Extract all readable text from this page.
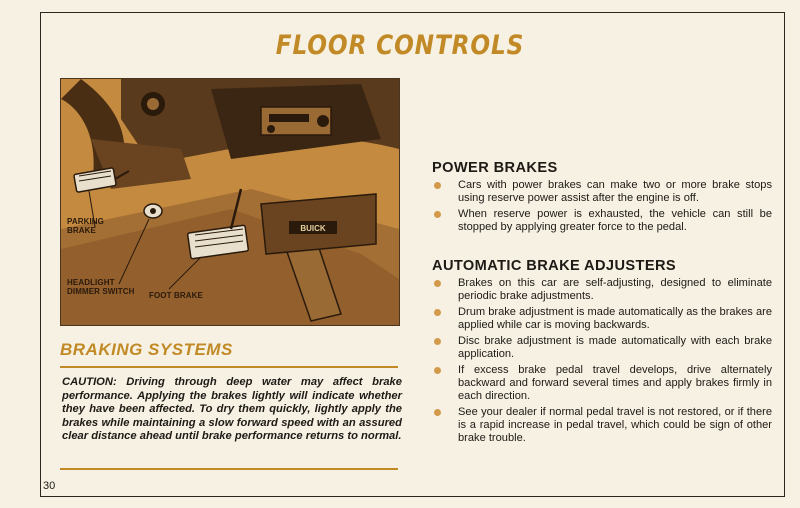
FLOOR CONTROLS
BUICK
PARKING BRAKE
HEADLIGHT DIMMER SWITCH	FOOT BRAKE
BRAKING SYSTEMS

CAUTION: Driving through deep water may affect brake performance. Applying the brakes lightly will indicate whether they have been affected. To dry them quickly, lightly apply the brakes while maintaining a slow forward speed with an assured clear distance ahead until brake performance returns to normal.

30
POWER BRAKES
Cars with power brakes can make two or more brake stops using reserve power assist after the engine is off.
When reserve power is exhausted, the vehicle can still be stopped by applying greater force to the pedal.
AUTOMATIC BRAKE ADJUSTERS
Brakes on this car are self-adjusting, designed to eliminate periodic brake adjustments.
Drum brake adjustment is made automatically as the brakes are applied while car is moving backwards.
Disc brake adjustment is made automatically with each brake application.
If excess brake pedal travel develops, drive alternately backward and forward several times and apply brakes firmly in each direction.
See your dealer if normal pedal travel is not restored, or if there is a rapid increase in pedal travel, which could be sign of other brake trouble.
